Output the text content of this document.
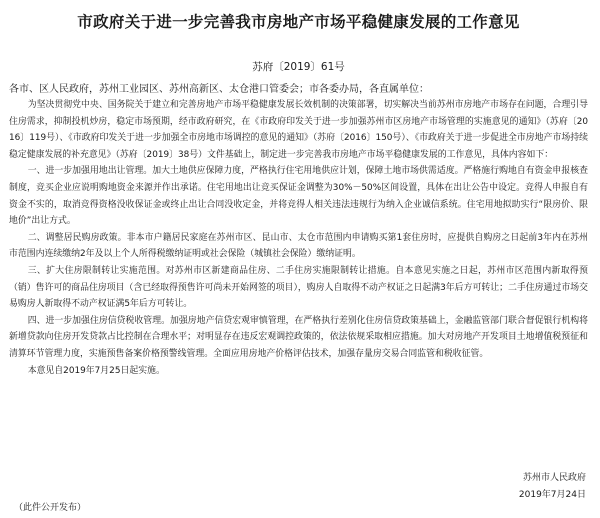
市政府关于进一步完善我市房地产市场平稳健康发展的工作意见
苏府〔2019〕61号
各市、区人民政府，苏州工业园区、苏州高新区、太仓港口管委会；市各委办局，各直属单位：

为坚决贯彻党中央、国务院关于建立和完善房地产市场平稳健康发展长效机制的决策部署，切实解决当前苏州市房地产市场存在问题，合理引导住房需求，抑制投机炒房，稳定市场预期，经市政府研究，在《市政府印发关于进一步加强苏州市区房地产市场管理的实施意见的通知》（苏府〔2016〕119号）、《市政府印发关于进一步加强全市房地市场调控的意见的通知》（苏府〔2016〕150号）、《市政府关于进一步促进全市房地产市场持续稳定健康发展的补充意见》（苏府〔2019〕38号）文件基础上，制定进一步完善我市房地产市场平稳健康发展的工作意见，具体内容如下：

一、进一步加强用地出让管理。加大土地供应保障力度，严格执行住宅用地供应计划，保障土地市场供需适度。严格施行购地自有资金申报核查制度，竞买企业应说明购地资金来源并作出承诺。住宅用地出让竞买保证金调整为30%－50%区间设置，具体在出让公告中设定。竞得人申报自有资金不实的，取消竞得资格没收保证金或终止出让合同没收定金，并将竞得人相关违法违规行为纳入企业诚信系统。住宅用地拟助实行“限房价、限地价”出让方式。

二、调整居民购房政策。非本市户籍居民家庭在苏州市区、昆山市、太仓市范围内申请购买第1套住房时，应提供自购房之日起前3年内在苏州市范围内连续缴纳2年及以上个人所得税缴纳证明或社会保险（城镇社会保险）缴纳证明。

三、扩大住房限制转让实施范围。对苏州市区新建商品住房、二手住房实施限制转让措施。自本意见实施之日起，苏州市区范围内新取得预（销）售许可的商品住房项目（含已经取得预售许可尚未开始网签的项目），购房人自取得不动产权证之日起满3年后方可转让；二手住房通过市场交易购房人新取得不动产权证满5年后方可转让。

四、进一步加强住房信贷税收管理。加强房地产信贷宏观审慎管理，在严格执行差别化住房信贷政策基础上，金融监管部门联合督促银行机构将新增贷款向住房开发贷款占比控制在合理水平；对明显存在违反宏观调控政策的，依法依规采取相应措施。加大对房地产开发项目土地增值税预征和清算环节管理力度，实施预售备案价格预警线管理。全面应用房地产价格评估技术，加强存量房交易合同监管和税收征管。

本意见自2019年7月25日起实施。

苏州市人民政府
2019年7月24日
（此件公开发布）
